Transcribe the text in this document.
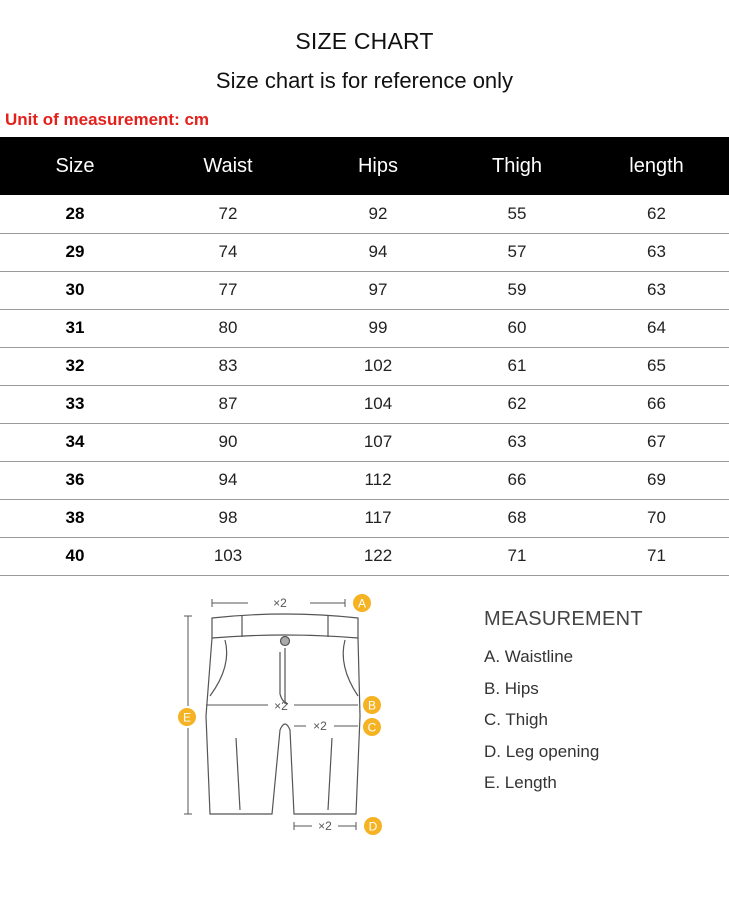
SIZE CHART
Size chart is for reference only
Unit of measurement: cm
Size	Waist	Hips	Thigh	length
28	72	92	55	62
29	74	94	57	63
30	77	97	59	63
31	80	99	60	64
32	83	102	61	65
33	87	104	62	66
34	90	107	63	67
36	94	112	66	69
38	98	117	68	70
40	103	122	71	71
×2	A
×2	B
×2	C
×2	D
E
MEASUREMENT
A. Waistline
B. Hips
C. Thigh
D. Leg opening
E. Length
